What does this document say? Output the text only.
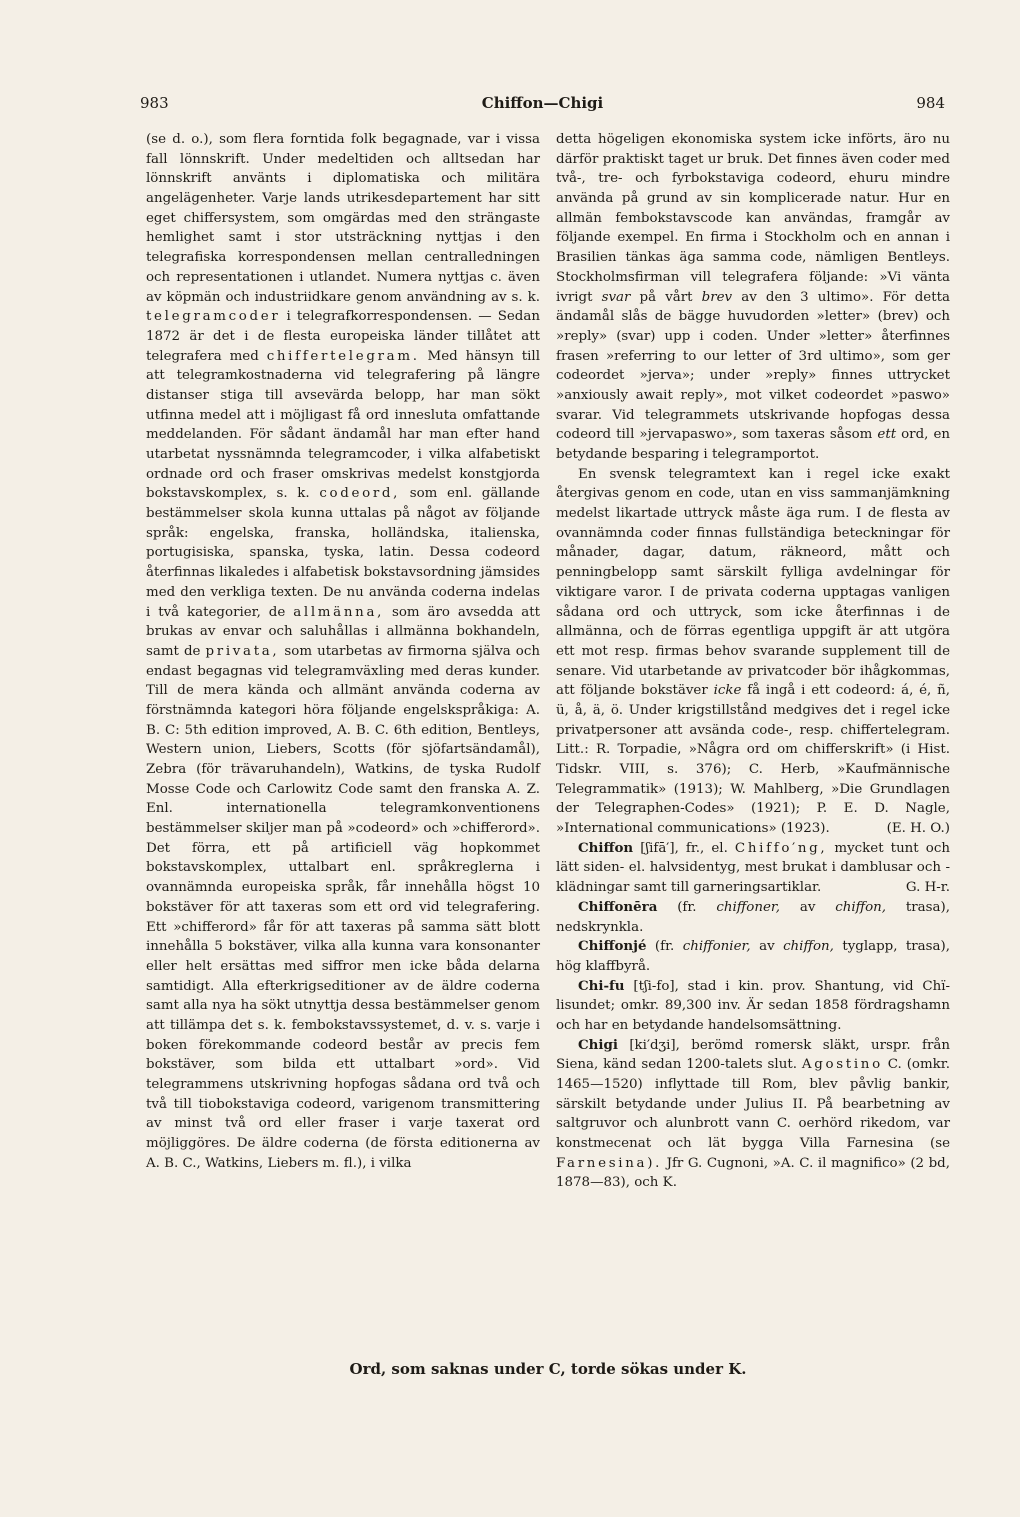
983	Chiffon—Chigi	984

(se d. o.), som flera forntida folk begagnade, var i vissa fall lönnskrift. Under medeltiden och alltsedan har lönnskrift använts i diplomatiska och militära angelägenheter. Varje lands utrikesdepartement har sitt eget chiffersystem, som omgärdas med den strängaste hemlighet samt i stor utsträckning nyttjas i den telegrafiska korrespondensen mellan centralledningen och representationen i utlandet. Numera nyttjas c. även av köpmän och industriidkare genom användning av s. k. telegramcoder i telegrafkorrespondensen. — Sedan 1872 är det i de flesta europeiska länder tillåtet att telegrafera med chiffertelegram. Med hänsyn till att telegramkostnaderna vid telegrafering på längre distanser stiga till avsevärda belopp, har man sökt utfinna medel att i möjligast få ord inneslutа omfattande meddelanden. För sådant ändamål har man efter hand utarbetat nyssnämnda telegramcoder, i vilka alfabetiskt ordnade ord och fraser omskrivas medelst konstgjorda bokstavskomplex, s. k. codeord, som enl. gällande bestämmelser skola kunna uttalas på något av följande språk: engelska, franska, holländska, italienska, portugisiska, spanska, tyska, latin. Dessa codeord återfinnas likaledes i alfabetisk bokstavsordning jämsides med den verkliga texten. De nu använda coderna indelas i två kategorier, de allmänna, som äro avsedda att brukas av envar och saluhållas i allmänna bokhandeln, samt de privata, som utarbetas av firmorna själva och endast begagnas vid telegramväxling med deras kunder. Till de mera kända och allmänt använda coderna av förstnämnda kategori höra följande engelskspråkiga: A. B. C: 5th edition improved, A. B. C. 6th edition, Bentleys, Western union, Liebers, Scotts (för sjöfartsändamål), Zebra (för trävaruhandeln), Watkins, de tyska Rudolf Mosse Code och Carlowitz Code samt den franska A. Z. Enl. internationella telegramkonventionens bestämmelser skiljer man på »codeord» och »chifferord». Det förra, ett på artificiell väg hopkommet bokstavskomplex, uttalbart enl. språkreglerna i ovannämnda europeiska språk, får innehålla högst 10 bokstäver för att taxeras som ett ord vid telegrafering. Ett »chifferord» får för att taxeras på samma sätt blott innehålla 5 bokstäver, vilka alla kunna vara konsonanter eller helt ersättas med siffror men icke båda delarna samtidigt. Alla efterkrigseditioner av de äldre coderna samt alla nya ha sökt utnyttja dessa bestämmelser genom att tillämpa det s. k. fembokstavssystemet, d. v. s. varje i boken förekommande codeord består av precis fem bokstäver, som bilda ett uttalbart »ord». Vid telegrammens utskrivning hopfogas sådana ord två och två till tiobokstaviga codeord, varigenom transmittering av minst två ord eller fraser i varje taxerat ord möjliggöres. De äldre coderna (de första editionerna av A. B. C., Watkins, Liebers m. fl.), i vilka

detta högeligen ekonomiska system icke införts, äro nu därför praktiskt taget ur bruk. Det finnes även coder med två-, tre- och fyrbokstaviga codeord, ehuru mindre använda på grund av sin komplicerade natur. Hur en allmän fembokstavscode kan användas, framgår av följande exempel. En firma i Stockholm och en annan i Brasilien tänkas äga samma code, nämligen Bentleys. Stockholmsfirman vill telegrafera följande: »Vi vänta ivrigt svar på vårt brev av den 3 ultimo». För detta ändamål slås de bägge huvudorden »letter» (brev) och »reply» (svar) upp i coden. Under »letter» återfinnes frasen »referring to our letter of 3rd ultimo», som ger codeordet »jerva»; under »reply» finnes uttrycket »anxiously await reply», mot vilket codeordet »paswo» svarar. Vid telegrammets utskrivande hopfogas dessa codeord till »jervapaswo», som taxeras såsom ett ord, en betydande besparing i telegramportot.

En svensk telegramtext kan i regel icke exakt återgivas genom en code, utan en viss sammanjämkning medelst likartade uttryck måste äga rum. I de flesta av ovannämnda coder finnas fullständiga beteckningar för månader, dagar, datum, räkneord, mått och penningbelopp samt särskilt fylliga avdelningar för viktigare varor. I de privata coderna upptagas vanligen sådana ord och uttryck, som icke återfinnas i de allmänna, och de förras egentliga uppgift är att utgöra ett mot resp. firmas behov svarande supplement till de senare. Vid utarbetande av privatcoder bör ihågkommas, att följande bokstäver icke få ingå i ett codeord: á, é, ñ, ü, å, ä, ö. Under krigstillstånd medgives det i regel icke privatpersoner att avsända code-, resp. chiffertelegram. Litt.: R. Torpadie, »Några ord om chifferskrift» (i Hist. Tidskr. VIII, s. 376); C. Herb, »Kaufmännische Telegrammatik» (1913); W. Mahlberg, »Die Grundlagen der Telegraphen-Codes» (1921); P. E. D. Nagle, »International communications» (1923).	(E. H. O.)

Chiffon [ʃifā′], fr., el. Chiffo′ng, mycket tunt och lätt siden- el. halvsidentyg, mest brukat i damblusar och -klädningar samt till garneringsartiklar.	G. H-r.

Chiffonēra (fr. chiffoner, av chiffon, trasa), nedskrynkla.

Chiffonjé (fr. chiffonier, av chiffon, tyglapp, trasa), hög klaffbyrå.

Chi-fu [tʃi-fo], stad i kin. prov. Shantung, vid Chï-lisundet; omkr. 89,300 inv. Är sedan 1858 fördragshamn och har en betydande handelsomsättning.

Chigi [ki′dʒi], berömd romersk släkt, urspr. från Siena, känd sedan 1200-talets slut. Agostino C. (omkr. 1465—1520) inflyttade till Rom, blev påvlig bankir, särskilt betydande under Julius II. På bearbetning av saltgruvor och alunbrott vann C. oerhörd rikedom, var konstmecenat och lät bygga Villa Farnesina (se Farnesina). Jfr G. Cugnoni, »A. C. il magnifico» (2 bd, 1878—83), och K.

Ord, som saknas under C, torde sökas under K.
